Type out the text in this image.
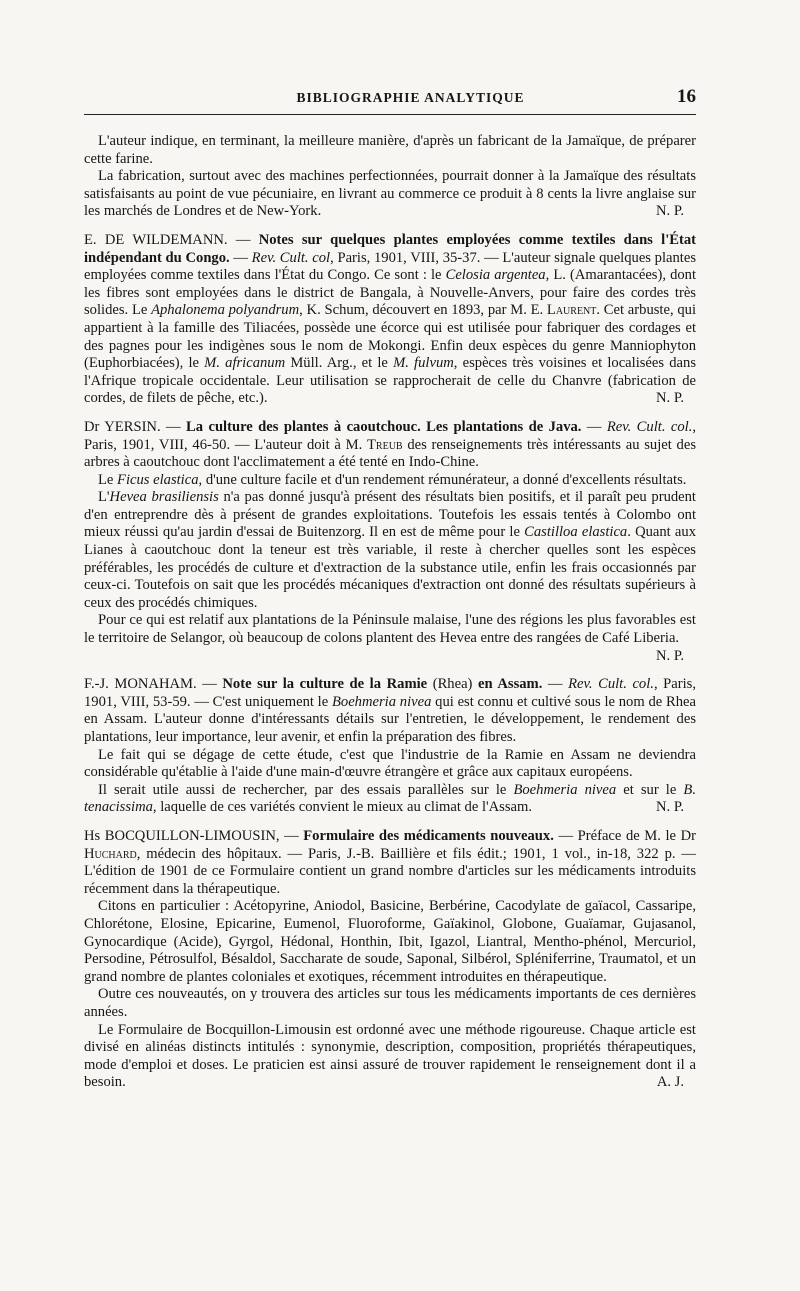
BIBLIOGRAPHIE ANALYTIQUE	16

L'auteur indique, en terminant, la meilleure manière, d'après un fabricant de la Jamaïque, de préparer cette farine.

La fabrication, surtout avec des machines perfectionnées, pourrait donner à la Jamaïque des résultats satisfaisants au point de vue pécuniaire, en livrant au commerce ce produit à 8 cents la livre anglaise sur les marchés de Londres et de New-York.	N. P.

E. DE WILDEMANN. — Notes sur quelques plantes employées comme textiles dans l'État indépendant du Congo. — Rev. Cult. col, Paris, 1901, VIII, 35-37. — L'auteur signale quelques plantes employées comme textiles dans l'État du Congo. Ce sont : le Celosia argentea, L. (Amarantacées), dont les fibres sont employées dans le district de Bangala, à Nouvelle-Anvers, pour faire des cordes très solides. Le Aphalonema polyandrum, K. Schum, découvert en 1893, par M. E. Laurent. Cet arbuste, qui appartient à la famille des Tiliacées, possède une écorce qui est utilisée pour fabriquer des cordages et des pagnes pour les indigènes sous le nom de Mokongi. Enfin deux espèces du genre Manniophyton (Euphorbiacées), le M. africanum Müll. Arg., et le M. fulvum, espèces très voisines et localisées dans l'Afrique tropicale occidentale. Leur utilisation se rapprocherait de celle du Chanvre (fabrication de cordes, de filets de pêche, etc.).	N. P.

Dr YERSIN. — La culture des plantes à caoutchouc. Les plantations de Java. — Rev. Cult. col., Paris, 1901, VIII, 46-50. — L'auteur doit à M. Treub des renseignements très intéressants au sujet des arbres à caoutchouc dont l'acclimatement a été tenté en Indo-Chine.

Le Ficus elastica, d'une culture facile et d'un rendement rémunérateur, a donné d'excellents résultats.

L'Hevea brasiliensis n'a pas donné jusqu'à présent des résultats bien positifs, et il paraît peu prudent d'en entreprendre dès à présent de grandes exploitations. Toutefois les essais tentés à Colombo ont mieux réussi qu'au jardin d'essai de Buitenzorg. Il en est de même pour le Castilloa elastica. Quant aux Lianes à caoutchouc dont la teneur est très variable, il reste à chercher quelles sont les espèces préférables, les procédés de culture et d'extraction de la substance utile, enfin les frais occasionnés par ceux-ci. Toutefois on sait que les procédés mécaniques d'extraction ont donné des résultats supérieurs à ceux des procédés chimiques.

Pour ce qui est relatif aux plantations de la Péninsule malaise, l'une des régions les plus favorables est le territoire de Selangor, où beaucoup de colons plantent des Hevea entre des rangées de Café Liberia.
N. P.

F.-J. MONAHAM. — Note sur la culture de la Ramie (Rhea) en Assam. — Rev. Cult. col., Paris, 1901, VIII, 53-59. — C'est uniquement le Boehmeria nivea qui est connu et cultivé sous le nom de Rhea en Assam. L'auteur donne d'intéressants détails sur l'entretien, le développement, le rendement des plantations, leur importance, leur avenir, et enfin la préparation des fibres.

Le fait qui se dégage de cette étude, c'est que l'industrie de la Ramie en Assam ne deviendra considérable qu'établie à l'aide d'une main-d'œuvre étrangère et grâce aux capitaux européens.

Il serait utile aussi de rechercher, par des essais parallèles sur le Boehmeria nivea et sur le B. tenacissima, laquelle de ces variétés convient le mieux au climat de l'Assam.	N. P.

Hs BOCQUILLON-LIMOUSIN, — Formulaire des médicaments nouveaux. — Préface de M. le Dr Huchard, médecin des hôpitaux. — Paris, J.-B. Baillière et fils édit.; 1901, 1 vol., in-18, 322 p. — L'édition de 1901 de ce Formulaire contient un grand nombre d'articles sur les médicaments introduits récemment dans la thérapeutique.

Citons en particulier : Acétopyrine, Aniodol, Basicine, Berbérine, Cacodylate de gaïacol, Cassaripe, Chlorétone, Elosine, Epicarine, Eumenol, Fluoroforme, Gaïakinol, Globone, Guaïamar, Gujasanol, Gynocardique (Acide), Gyrgol, Hédonal, Honthin, Ibit, Igazol, Liantral, Mentho-phénol, Mercuriol, Persodine, Pétrosulfol, Bésaldol, Saccharate de soude, Saponal, Silbérol, Spléniferrine, Traumatol, et un grand nombre de plantes coloniales et exotiques, récemment introduites en thérapeutique.

Outre ces nouveautés, on y trouvera des articles sur tous les médicaments importants de ces dernières années.

Le Formulaire de Bocquillon-Limousin est ordonné avec une méthode rigoureuse. Chaque article est divisé en alinéas distincts intitulés : synonymie, description, composition, propriétés thérapeutiques, mode d'emploi et doses. Le praticien est ainsi assuré de trouver rapidement le renseignement dont il a besoin.	A. J.
